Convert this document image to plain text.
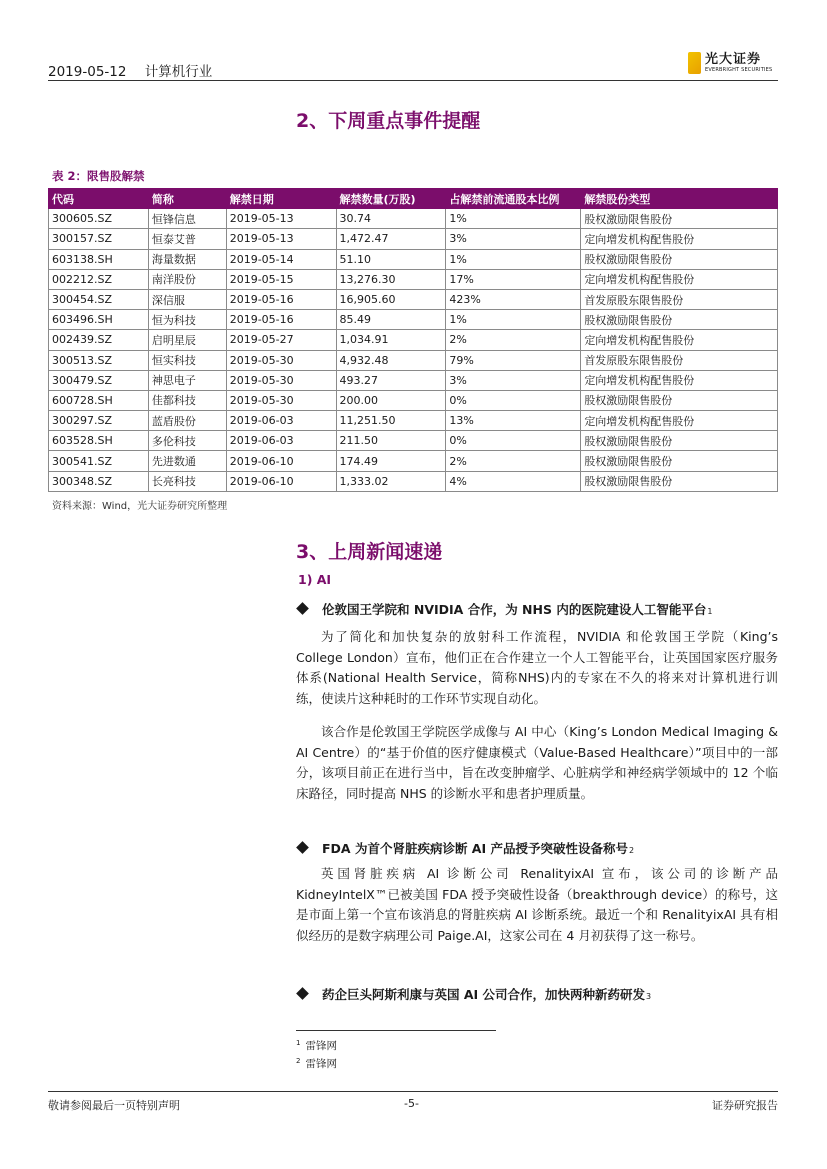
2019-05-12 计算机行业
光大证券
EVERBRIGHT SECURITIES
2、下周重点事件提醒
表 2：限售股解禁
代码	简称	解禁日期	解禁数量(万股)	占解禁前流通股本比例	解禁股份类型
300605.SZ	恒锋信息	2019-05-13	30.74	1%	股权激励限售股份
300157.SZ	恒泰艾普	2019-05-13	1,472.47	3%	定向增发机构配售股份
603138.SH	海量数据	2019-05-14	51.10	1%	股权激励限售股份
002212.SZ	南洋股份	2019-05-15	13,276.30	17%	定向增发机构配售股份
300454.SZ	深信服	2019-05-16	16,905.60	423%	首发原股东限售股份
603496.SH	恒为科技	2019-05-16	85.49	1%	股权激励限售股份
002439.SZ	启明星辰	2019-05-27	1,034.91	2%	定向增发机构配售股份
300513.SZ	恒实科技	2019-05-30	4,932.48	79%	首发原股东限售股份
300479.SZ	神思电子	2019-05-30	493.27	3%	定向增发机构配售股份
600728.SH	佳都科技	2019-05-30	200.00	0%	股权激励限售股份
300297.SZ	蓝盾股份	2019-06-03	11,251.50	13%	定向增发机构配售股份
603528.SH	多伦科技	2019-06-03	211.50	0%	股权激励限售股份
300541.SZ	先进数通	2019-06-10	174.49	2%	股权激励限售股份
300348.SZ	长亮科技	2019-06-10	1,333.02	4%	股权激励限售股份
资料来源：Wind，光大证券研究所整理
3、上周新闻速递
1) AI
伦敦国王学院和 NVIDIA 合作，为 NHS 内的医院建设人工智能平台$_1$

为了简化和加快复杂的放射科工作流程，NVIDIA 和伦敦国王学院（King’s College London）宣布，他们正在合作建立一个人工智能平台，让英国国家医疗服务体系(National Health Service，简称NHS)内的专家在不久的将来对计算机进行训练，使读片这种耗时的工作环节实现自动化。

该合作是伦敦国王学院医学成像与 AI 中心（King’s London Medical Imaging & AI Centre）的“基于价值的医疗健康模式（Value-Based Healthcare）”项目中的一部分，该项目前正在进行当中，旨在改变肿瘤学、心脏病学和神经病学领域中的 12 个临床路径，同时提高 NHS 的诊断水平和患者护理质量。

FDA 为首个肾脏疾病诊断 AI 产品授予突破性设备称号$_2$

英国肾脏疾病 AI 诊断公司 RenalityixAI 宣布，该公司的诊断产品 KidneyIntelX™已被美国 FDA 授予突破性设备（breakthrough device）的称号，这是市面上第一个宣布该消息的肾脏疾病 AI 诊断系统。最近一个和 RenalityixAI 具有相似经历的是数字病理公司 Paige.AI，这家公司在 4 月初获得了这一称号。

药企巨头阿斯利康与英国 AI 公司合作，加快两种新药研发$_3$
$^1$ 雷锋网
$^2$ 雷锋网
敬请参阅最后一页特别声明	-5-	证券研究报告
